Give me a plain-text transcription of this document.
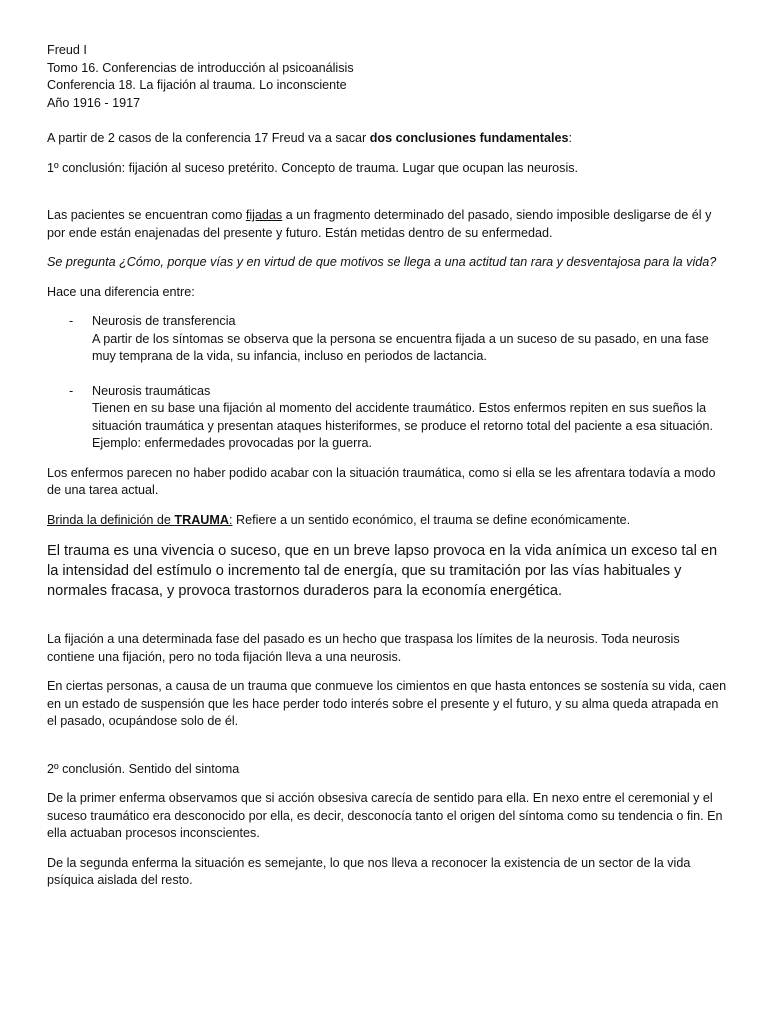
Freud I
Tomo 16. Conferencias de introducción al psicoanálisis
Conferencia 18. La fijación al trauma. Lo inconsciente
Año 1916 - 1917

A partir de 2 casos de la conferencia 17 Freud va a sacar dos conclusiones fundamentales:

1º conclusión: fijación al suceso pretérito. Concepto de trauma. Lugar que ocupan las neurosis.

Las pacientes se encuentran como fijadas a un fragmento determinado del pasado, siendo imposible desligarse de él y por ende están enajenadas del presente y futuro. Están metidas dentro de su enfermedad.

Se pregunta ¿Cómo, porque vías y en virtud de que motivos se llega a una actitud tan rara y desventajosa para la vida?

Hace una diferencia entre:

- Neurosis de transferencia
A partir de los síntomas se observa que la persona se encuentra fijada a un suceso de su pasado, en una fase muy temprana de la vida, su infancia, incluso en periodos de lactancia.
- Neurosis traumáticas
Tienen en su base una fijación al momento del accidente traumático. Estos enfermos repiten en sus sueños la situación traumática y presentan ataques histeriformes, se produce el retorno total del paciente a esa situación.
Ejemplo: enfermedades provocadas por la guerra.

Los enfermos parecen no haber podido acabar con la situación traumática, como si ella se les afrentara todavía a modo de una tarea actual.

Brinda la definición de TRAUMA: Refiere a un sentido económico, el trauma se define económicamente.

El trauma es una vivencia o suceso, que en un breve lapso provoca en la vida anímica un exceso tal en la intensidad del estímulo o incremento tal de energía, que su tramitación por las vías habituales y normales fracasa, y provoca trastornos duraderos para la economía energética.

La fijación a una determinada fase del pasado es un hecho que traspasa los límites de la neurosis. Toda neurosis contiene una fijación, pero no toda fijación lleva a una neurosis.

En ciertas personas, a causa de un trauma que conmueve los cimientos en que hasta entonces se sostenía su vida, caen en un estado de suspensión que les hace perder todo interés sobre el presente y el futuro, y su alma queda atrapada en el pasado, ocupándose solo de él.

2º conclusión. Sentido del sintoma

De la primer enferma observamos que si acción obsesiva carecía de sentido para ella. En nexo entre el ceremonial y el suceso traumático era desconocido por ella, es decir, desconocía tanto el origen del síntoma como su tendencia o fin. En ella actuaban procesos inconscientes.

De la segunda enferma la situación es semejante, lo que nos lleva a reconocer la existencia de un sector de la vida psíquica aislada del resto.
